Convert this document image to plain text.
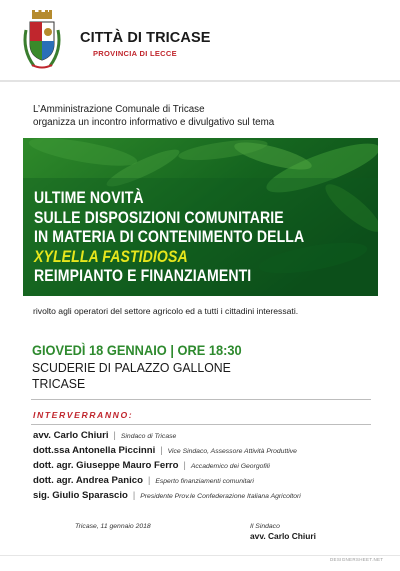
CITTÀ DI TRICASE
PROVINCIA DI LECCE
L’Amministrazione Comunale di Tricase
organizza un incontro informativo e divulgativo sul tema
ULTIME NOVITÀ
SULLE DISPOSIZIONI COMUNITARIE
IN MATERIA DI CONTENIMENTO DELLA
XYLELLA FASTIDIOSA
REIMPIANTO E FINANZIAMENTI
rivolto agli operatori del settore agricolo ed a tutti i cittadini interessati.
GIOVEDÌ 18 GENNAIO | ORE 18:30
SCUDERIE DI PALAZZO GALLONE
TRICASE
INTERVERRANNO:
avv. Carlo Chiuri | Sindaco di Tricase
dott.ssa Antonella Piccinni | Vice Sindaco, Assessore Attività Produttive
dott. agr. Giuseppe Mauro Ferro | Accademico dei Georgofili
dott. agr. Andrea Panico | Esperto finanziamenti comunitari
sig. Giulio Sparascio | Presidente Prov.le Confederazione Italiana Agricoltori
Tricase, 11 gennaio 2018	Il Sindaco
avv. Carlo Chiuri
DESIGNERSHEET.NET
